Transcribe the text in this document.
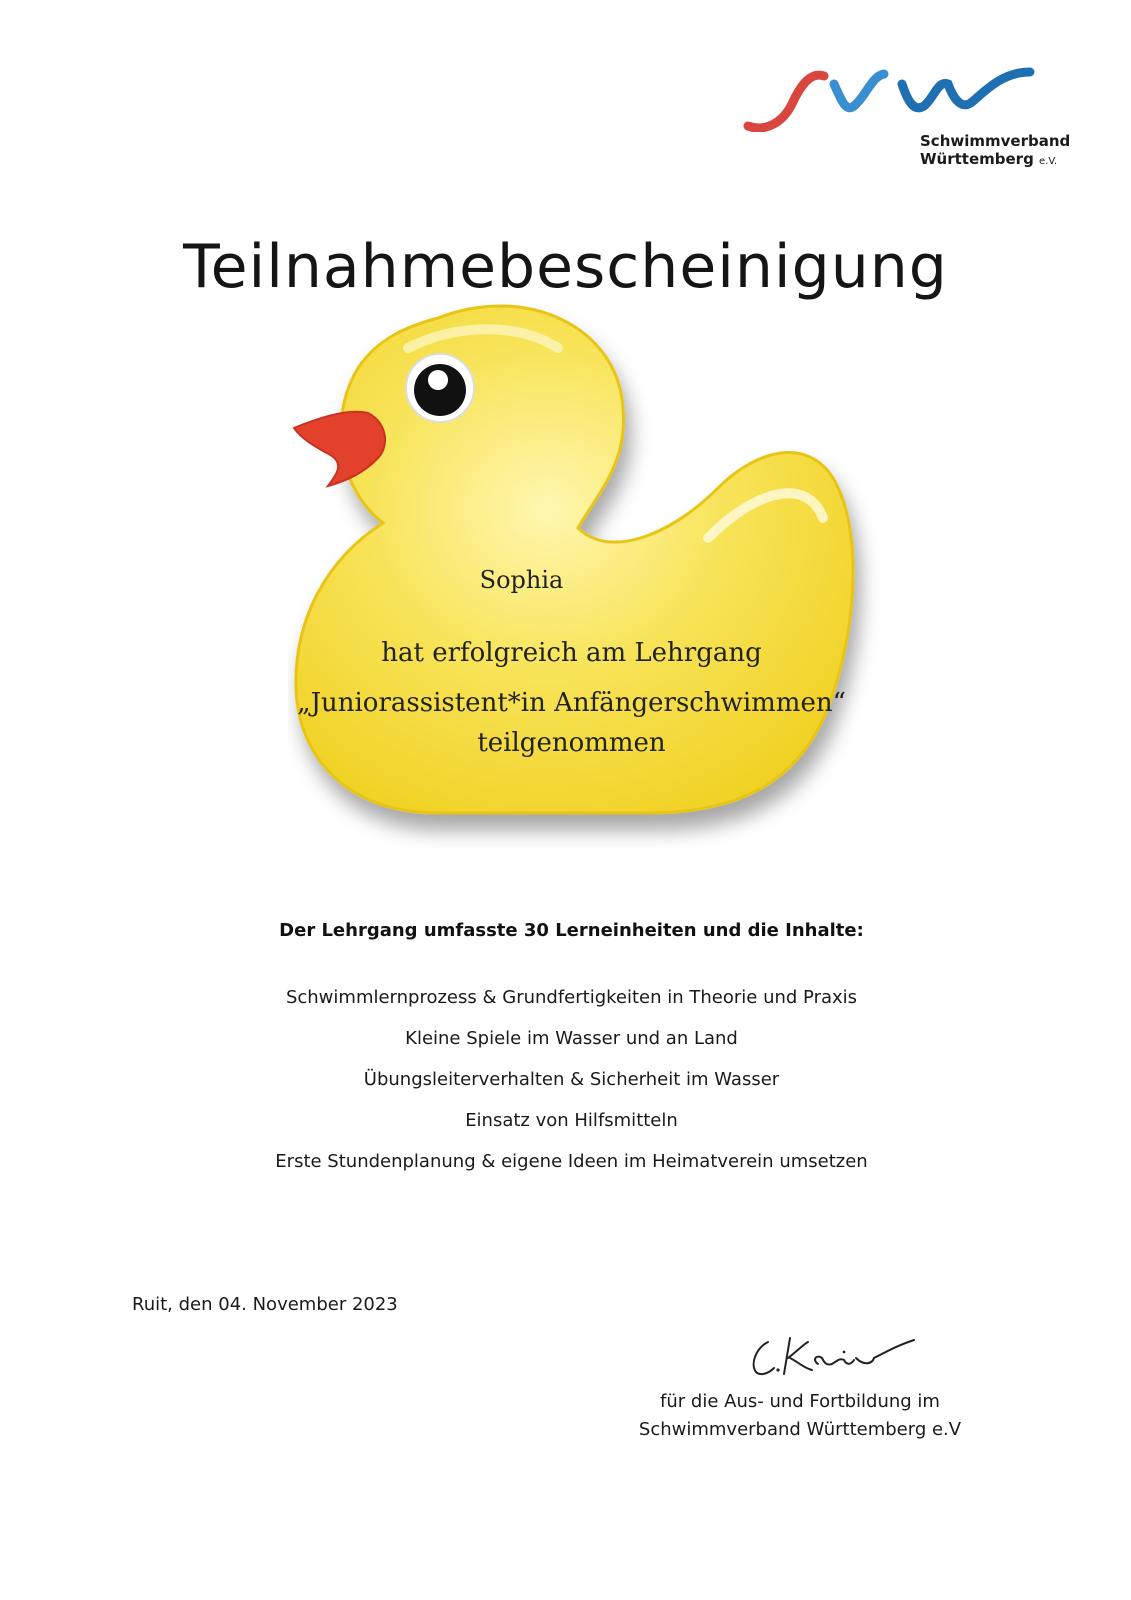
Schwimmverband
Württemberg e.V.
Teilnahmebescheinigung
Sophia
hat erfolgreich am Lehrgang
„Juniorassistent*in Anfängerschwimmen“
teilgenommen
Der Lehrgang umfasste 30 Lerneinheiten und die Inhalte:
Schwimmlernprozess & Grundfertigkeiten in Theorie und Praxis
Kleine Spiele im Wasser und an Land
Übungsleiterverhalten & Sicherheit im Wasser
Einsatz von Hilfsmitteln
Erste Stundenplanung & eigene Ideen im Heimatverein umsetzen
Ruit, den 04. November 2023
für die Aus- und Fortbildung im
Schwimmverband Württemberg e.V
